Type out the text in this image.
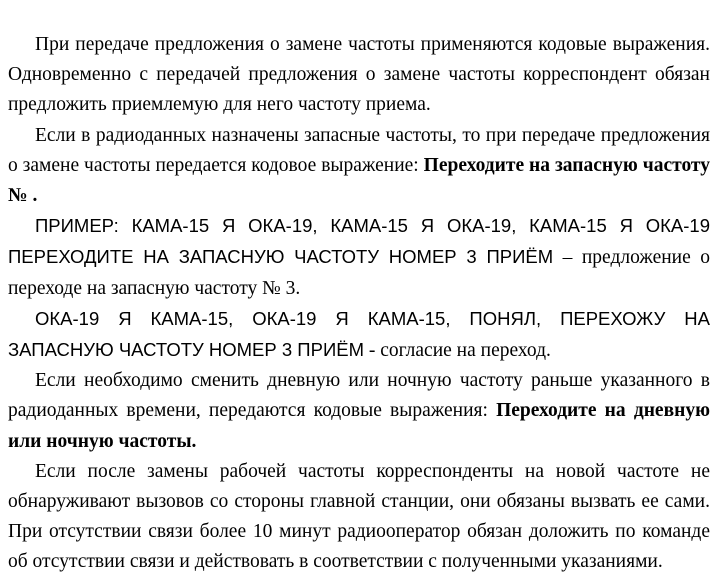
При передаче предложения о замене частоты применяются кодовые выражения. Одновременно с передачей предложения о замене частоты корреспондент обязан предложить приемлемую для него частоту приема.

Если в радиоданных назначены запасные частоты, то при передаче предложения о замене частоты передается кодовое выражение: Переходите на запасную частоту № .

ПРИМЕР: КАМА-15 Я ОКА-19, КАМА-15 Я ОКА-19, КАМА-15 Я ОКА-19 ПЕРЕХОДИТЕ НА ЗАПАСНУЮ ЧАСТОТУ НОМЕР 3 ПРИЁМ – предложение о переходе на запасную частоту № 3.

ОКА-19 Я КАМА-15, ОКА-19 Я КАМА-15, ПОНЯЛ, ПЕРЕХОЖУ НА ЗАПАСНУЮ ЧАСТОТУ НОМЕР 3 ПРИЁМ - согласие на переход.

Если необходимо сменить дневную или ночную частоту раньше указанного в радиоданных времени, передаются кодовые выражения: Переходите на дневную или ночную частоты.

Если после замены рабочей частоты корреспонденты на новой частоте не обнаруживают вызовов со стороны главной станции, они обязаны вызвать ее сами. При отсутствии связи более 10 минут радиооператор обязан доложить по команде об отсутствии связи и действовать в соответствии с полученными указаниями.
